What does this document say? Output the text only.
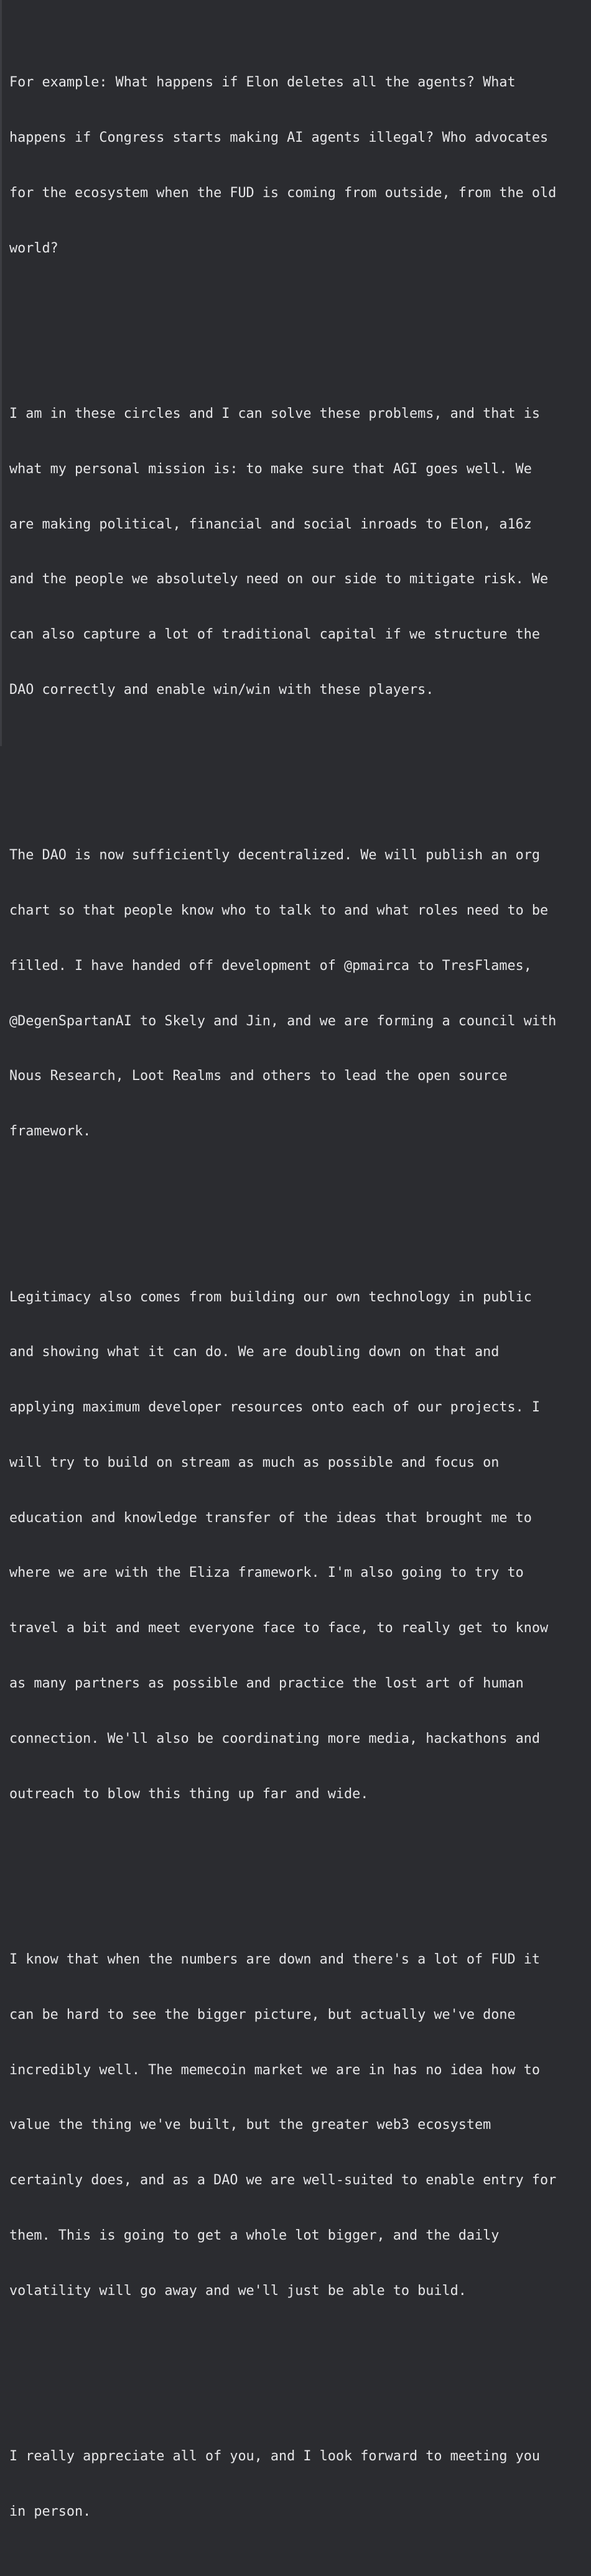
For example: What happens if Elon deletes all the agents? What

happens if Congress starts making AI agents illegal? Who advocates

for the ecosystem when the FUD is coming from outside, from the old

world?

I am in these circles and I can solve these problems, and that is

what my personal mission is: to make sure that AGI goes well. We

are making political, financial and social inroads to Elon, a16z

and the people we absolutely need on our side to mitigate risk. We

can also capture a lot of traditional capital if we structure the

DAO correctly and enable win/win with these players.

The DAO is now sufficiently decentralized. We will publish an org

chart so that people know who to talk to and what roles need to be

filled. I have handed off development of @pmairca to TresFlames,

@DegenSpartanAI to Skely and Jin, and we are forming a council with

Nous Research, Loot Realms and others to lead the open source

framework.

Legitimacy also comes from building our own technology in public

and showing what it can do. We are doubling down on that and

applying maximum developer resources onto each of our projects. I

will try to build on stream as much as possible and focus on

education and knowledge transfer of the ideas that brought me to

where we are with the Eliza framework. I'm also going to try to

travel a bit and meet everyone face to face, to really get to know

as many partners as possible and practice the lost art of human

connection. We'll also be coordinating more media, hackathons and

outreach to blow this thing up far and wide.

I know that when the numbers are down and there's a lot of FUD it

can be hard to see the bigger picture, but actually we've done

incredibly well. The memecoin market we are in has no idea how to

value the thing we've built, but the greater web3 ecosystem

certainly does, and as a DAO we are well-suited to enable entry for

them. This is going to get a whole lot bigger, and the daily

volatility will go away and we'll just be able to build.

I really appreciate all of you, and I look forward to meeting you

in person.
